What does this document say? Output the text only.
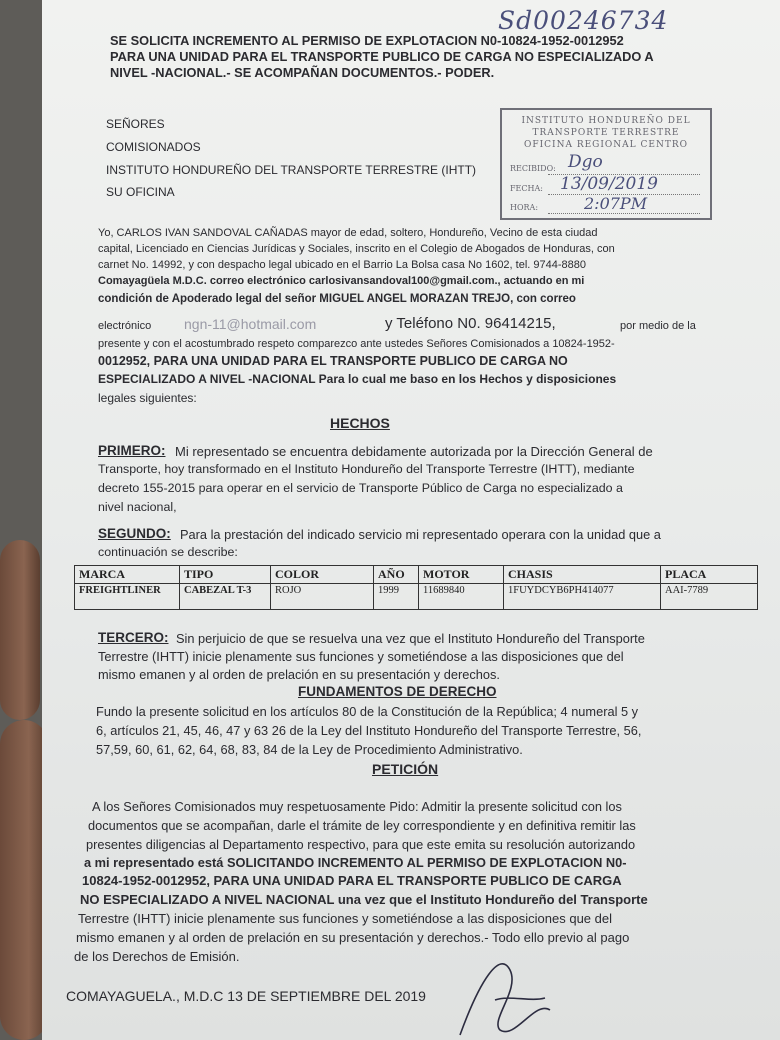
Sd00246734

SE SOLICITA INCREMENTO AL PERMISO DE EXPLOTACION N0-10824-1952-0012952

PARA UNA UNIDAD PARA EL TRANSPORTE PUBLICO DE CARGA NO ESPECIALIZADO A

NIVEL -NACIONAL.- SE ACOMPAÑAN DOCUMENTOS.- PODER.

SEÑORES

COMISIONADOS

INSTITUTO HONDUREÑO DEL TRANSPORTE TERRESTRE (IHTT)

SU OFICINA

INSTITUTO HONDUREÑO DEL
TRANSPORTE TERRESTRE
OFICINA REGIONAL CENTRO
RECIBIDO: Dgo
FECHA: 13/09/2019
HORA:	2:07PM

Yo, CARLOS IVAN SANDOVAL CAÑADAS mayor de edad, soltero, Hondureño, Vecino de esta ciudad

capital, Licenciado en Ciencias Jurídicas y Sociales, inscrito en el Colegio de Abogados de Honduras, con

carnet No. 14992, y con despacho legal ubicado en el Barrio La Bolsa casa No 1602, tel. 9744-8880

Comayagüela M.D.C. correo electrónico carlosivansandoval100@gmail.com., actuando en mi

condición de Apoderado legal del señor MIGUEL ANGEL MORAZAN TREJO, con correo

electrónico ngn-11@hotmail.com	y Teléfono N0. 96414215,	por medio de la

presente y con el acostumbrado respeto comparezco ante ustedes Señores Comisionados a 10824-1952-

0012952, PARA UNA UNIDAD PARA EL TRANSPORTE PUBLICO DE CARGA NO

ESPECIALIZADO A NIVEL -NACIONAL Para lo cual me baso en los Hechos y disposiciones

legales siguientes:

HECHOS

PRIMERO: Mi representado se encuentra debidamente autorizada por la Dirección General de

Transporte, hoy transformado en el Instituto Hondureño del Transporte Terrestre (IHTT), mediante

decreto 155-2015 para operar en el servicio de Transporte Público de Carga no especializado a

nivel nacional,

SEGUNDO: Para la prestación del indicado servicio mi representado operara con la unidad que a

continuación se describe:

MARCA	TIPO	COLOR	AÑO	MOTOR	CHASIS	PLACA
FREIGHTLINER	CABEZAL T-3	ROJO	1999	11689840	1FUYDCYB6PH414077	AAI-7789

TERCERO: Sin perjuicio de que se resuelva una vez que el Instituto Hondureño del Transporte

Terrestre (IHTT) inicie plenamente sus funciones y sometiéndose a las disposiciones que del

mismo emanen y al orden de prelación en su presentación y derechos.

FUNDAMENTOS DE DERECHO

Fundo la presente solicitud en los artículos 80 de la Constitución de la República; 4 numeral 5 y

6, artículos 21, 45, 46, 47 y 63 26 de la Ley del Instituto Hondureño del Transporte Terrestre, 56,

57,59, 60, 61, 62, 64, 68, 83, 84 de la Ley de Procedimiento Administrativo.

PETICIÓN

A los Señores Comisionados muy respetuosamente Pido: Admitir la presente solicitud con los

documentos que se acompañan, darle el trámite de ley correspondiente y en definitiva remitir las

presentes diligencias al Departamento respectivo, para que este emita su resolución autorizando

a mi representado está SOLICITANDO INCREMENTO AL PERMISO DE EXPLOTACION N0-

10824-1952-0012952, PARA UNA UNIDAD PARA EL TRANSPORTE PUBLICO DE CARGA

NO ESPECIALIZADO A NIVEL NACIONAL una vez que el Instituto Hondureño del Transporte

Terrestre (IHTT) inicie plenamente sus funciones y sometiéndose a las disposiciones que del

mismo emanen y al orden de prelación en su presentación y derechos.- Todo ello previo al pago

de los Derechos de Emisión.

COMAYAGUELA., M.D.C 13 DE SEPTIEMBRE DEL 2019
